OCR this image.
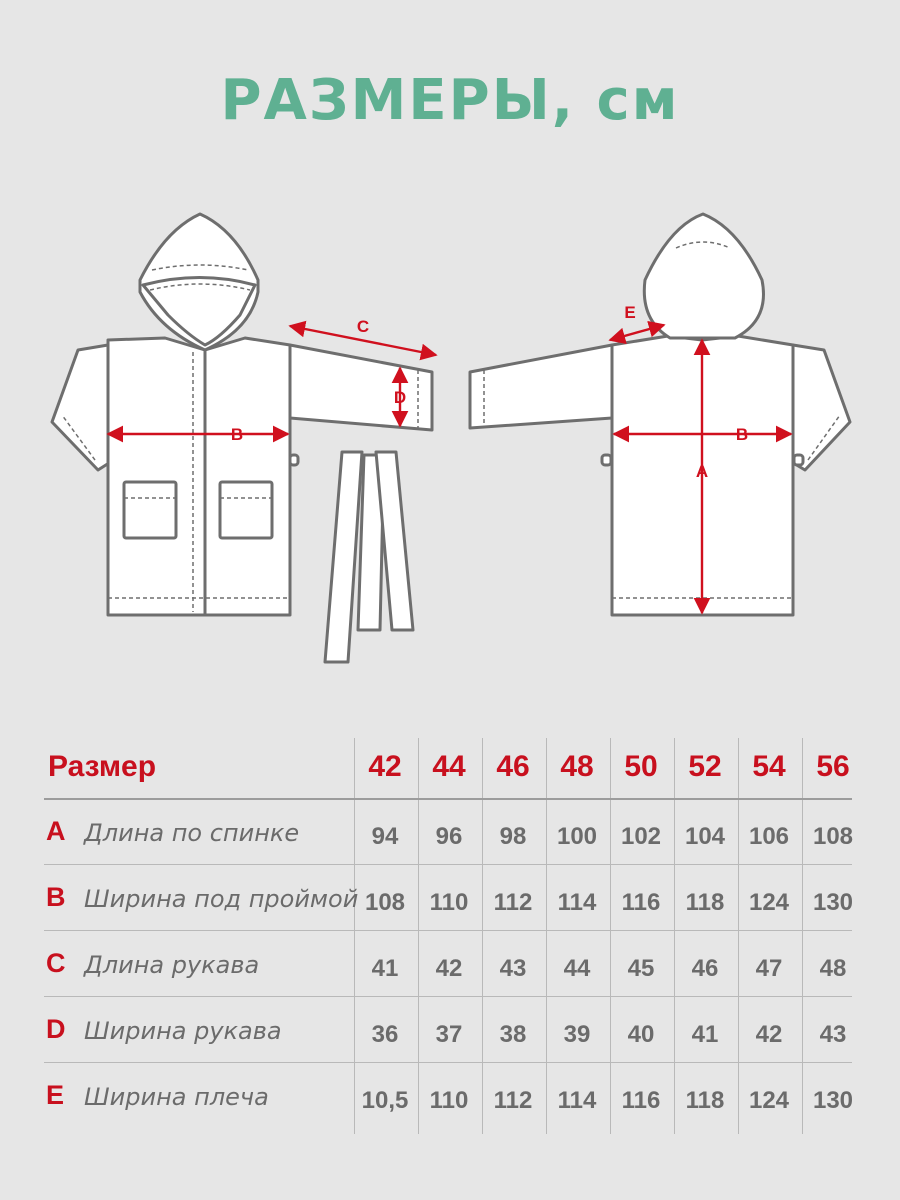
РАЗМЕРЫ, см
B
C
D
A
B
E
Размер	42	44	46	48	50	52	54	56
A Длина по спинке	94	96	98	100 102 104 106 108
B Ширина под проймой 108	110	112	114	116	118	124 130
C Длина рукава	41	42	43	44	45	46	47	48
D Ширина рукава	36	37	38	39	40	41	42	43
E Ширина плеча	10,5 110	112	114	116	118	124 130
